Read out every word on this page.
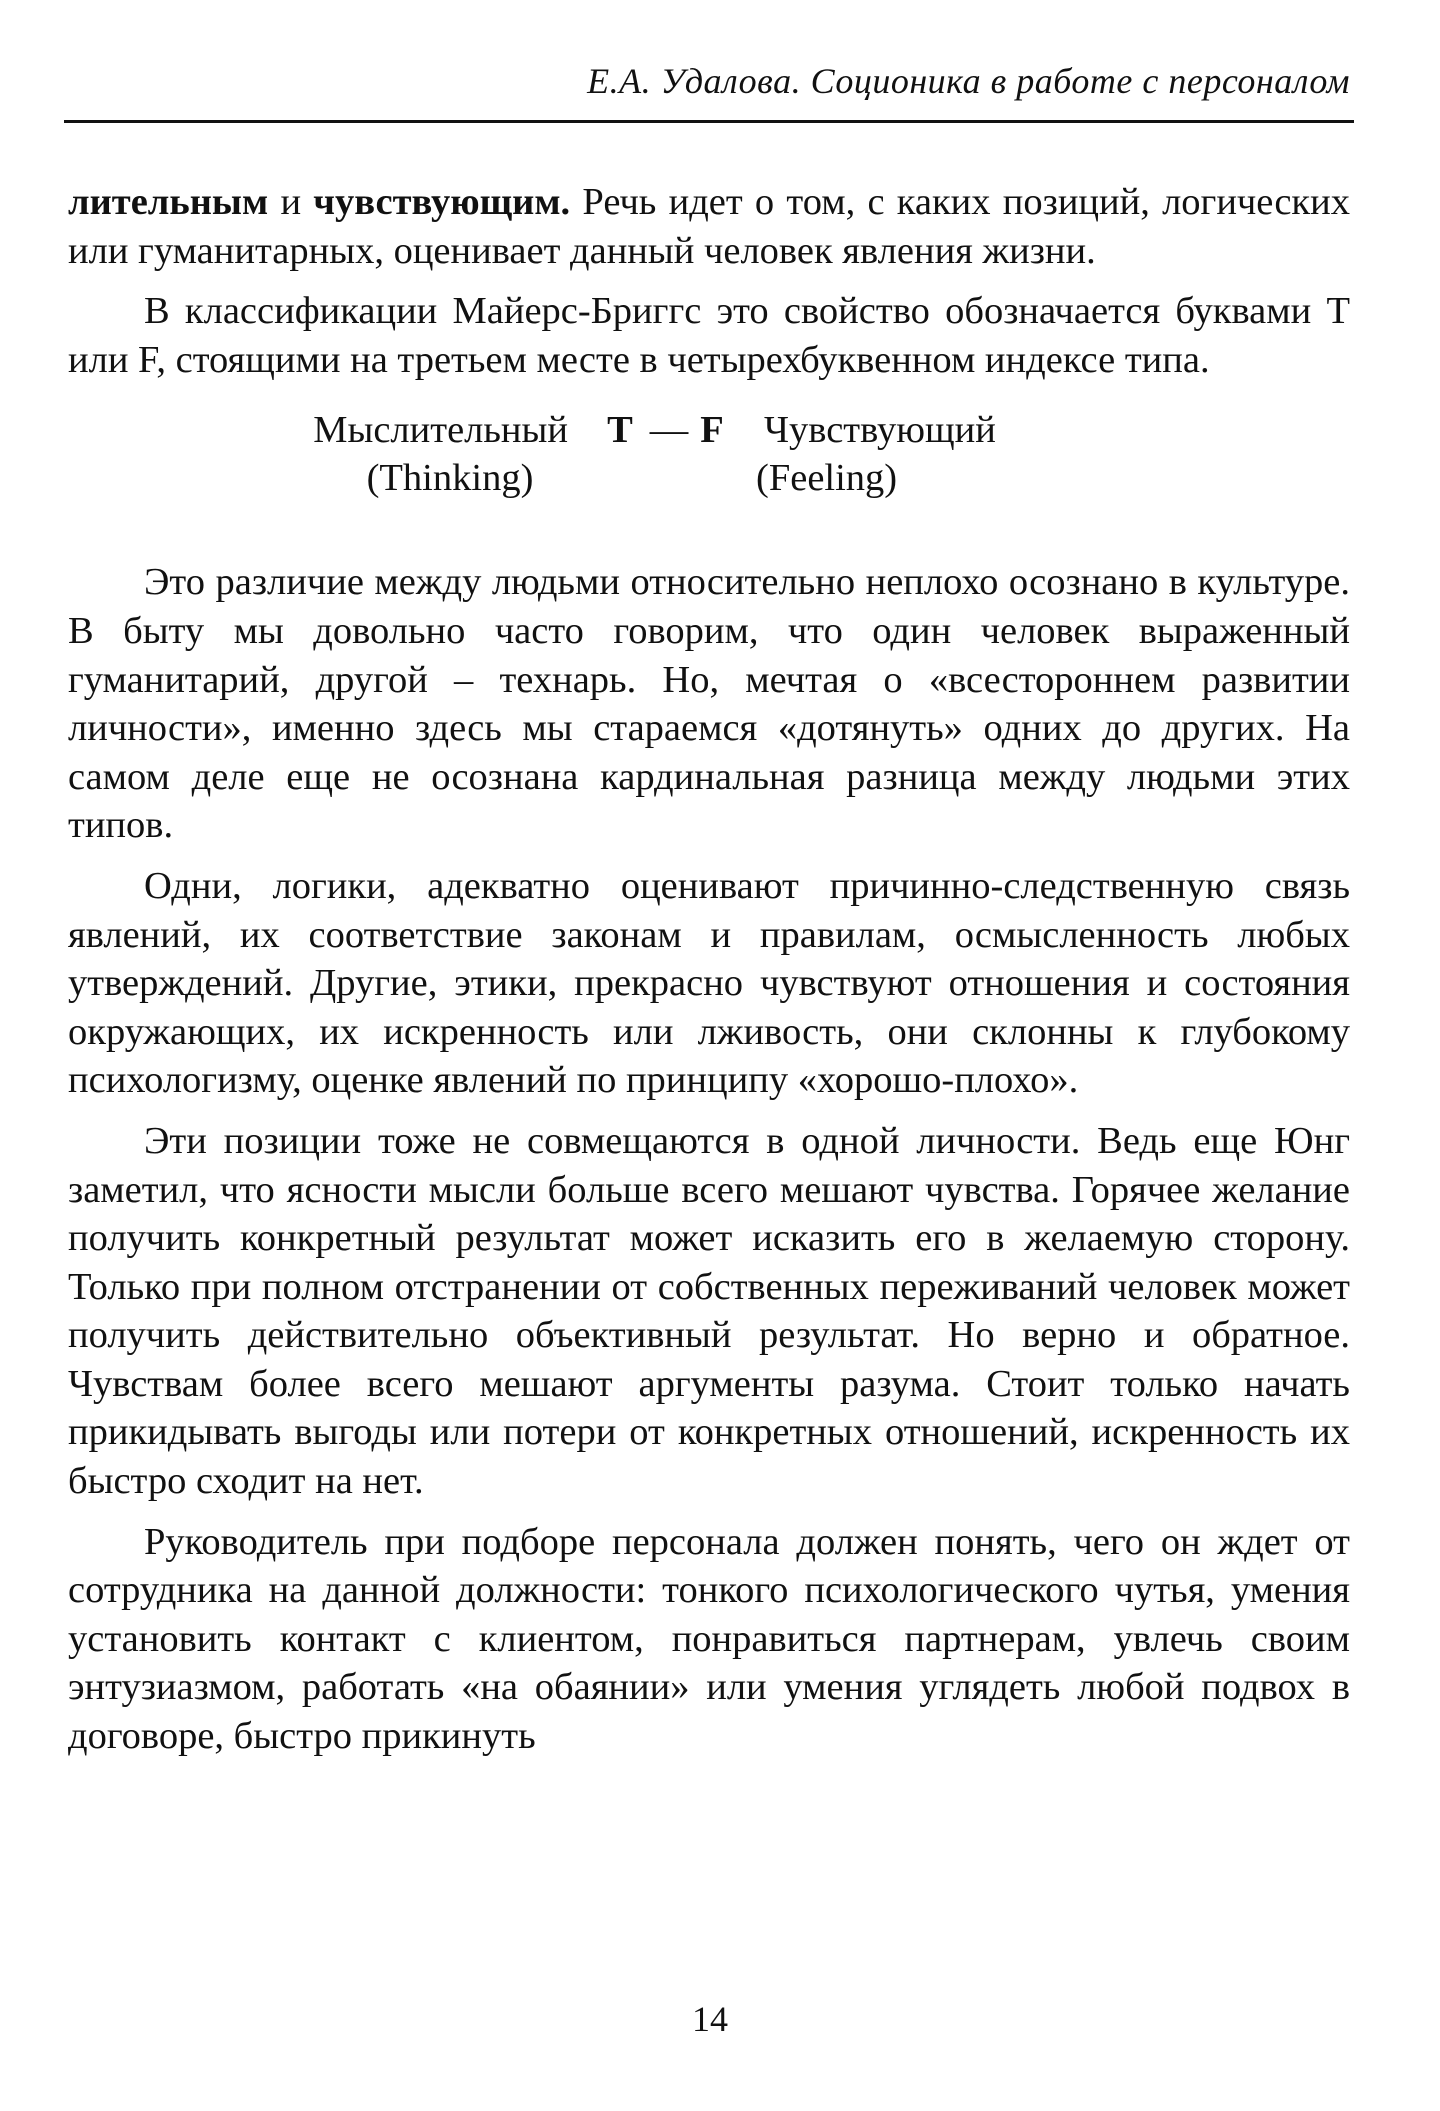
Е.А. Удалова. Соционика в работе с персоналом

лительным и чувствующим. Речь идет о том, с каких позиций, логических или гуманитарных, оценивает данный человек явления жизни.

В классификации Майерс-Бриггс это свойство обозначается буквами T или F, стоящими на третьем месте в четырехбуквенном индексе типа.

Мыслительный	T — F Чувствующий
(Thinking)	(Feeling)

Это различие между людьми относительно неплохо осознано в культуре. В быту мы довольно часто говорим, что один человек выраженный гуманитарий, другой – технарь. Но, мечтая о «всестороннем развитии личности», именно здесь мы стараемся «дотянуть» одних до других. На самом деле еще не осознана кардинальная разница между людьми этих типов.

Одни, логики, адекватно оценивают причинно-следственную связь явлений, их соответствие законам и правилам, осмысленность любых утверждений. Другие, этики, прекрасно чувствуют отношения и состояния окружающих, их искренность или лживость, они склонны к глубокому психологизму, оценке явлений по принципу «хорошо-плохо».

Эти позиции тоже не совмещаются в одной личности. Ведь еще Юнг заметил, что ясности мысли больше всего мешают чувства. Горячее желание получить конкретный результат может исказить его в желаемую сторону. Только при полном отстранении от собственных переживаний человек может получить действительно объективный результат. Но верно и обратное. Чувствам более всего мешают аргументы разума. Стоит только начать прикидывать выгоды или потери от конкретных отношений, искренность их быстро сходит на нет.

Руководитель при подборе персонала должен понять, чего он ждет от сотрудника на данной должности: тонкого психологического чутья, умения установить контакт с клиентом, понравиться партнерам, увлечь своим энтузиазмом, работать «на обаянии» или умения углядеть любой подвох в договоре, быстро прикинуть

14
